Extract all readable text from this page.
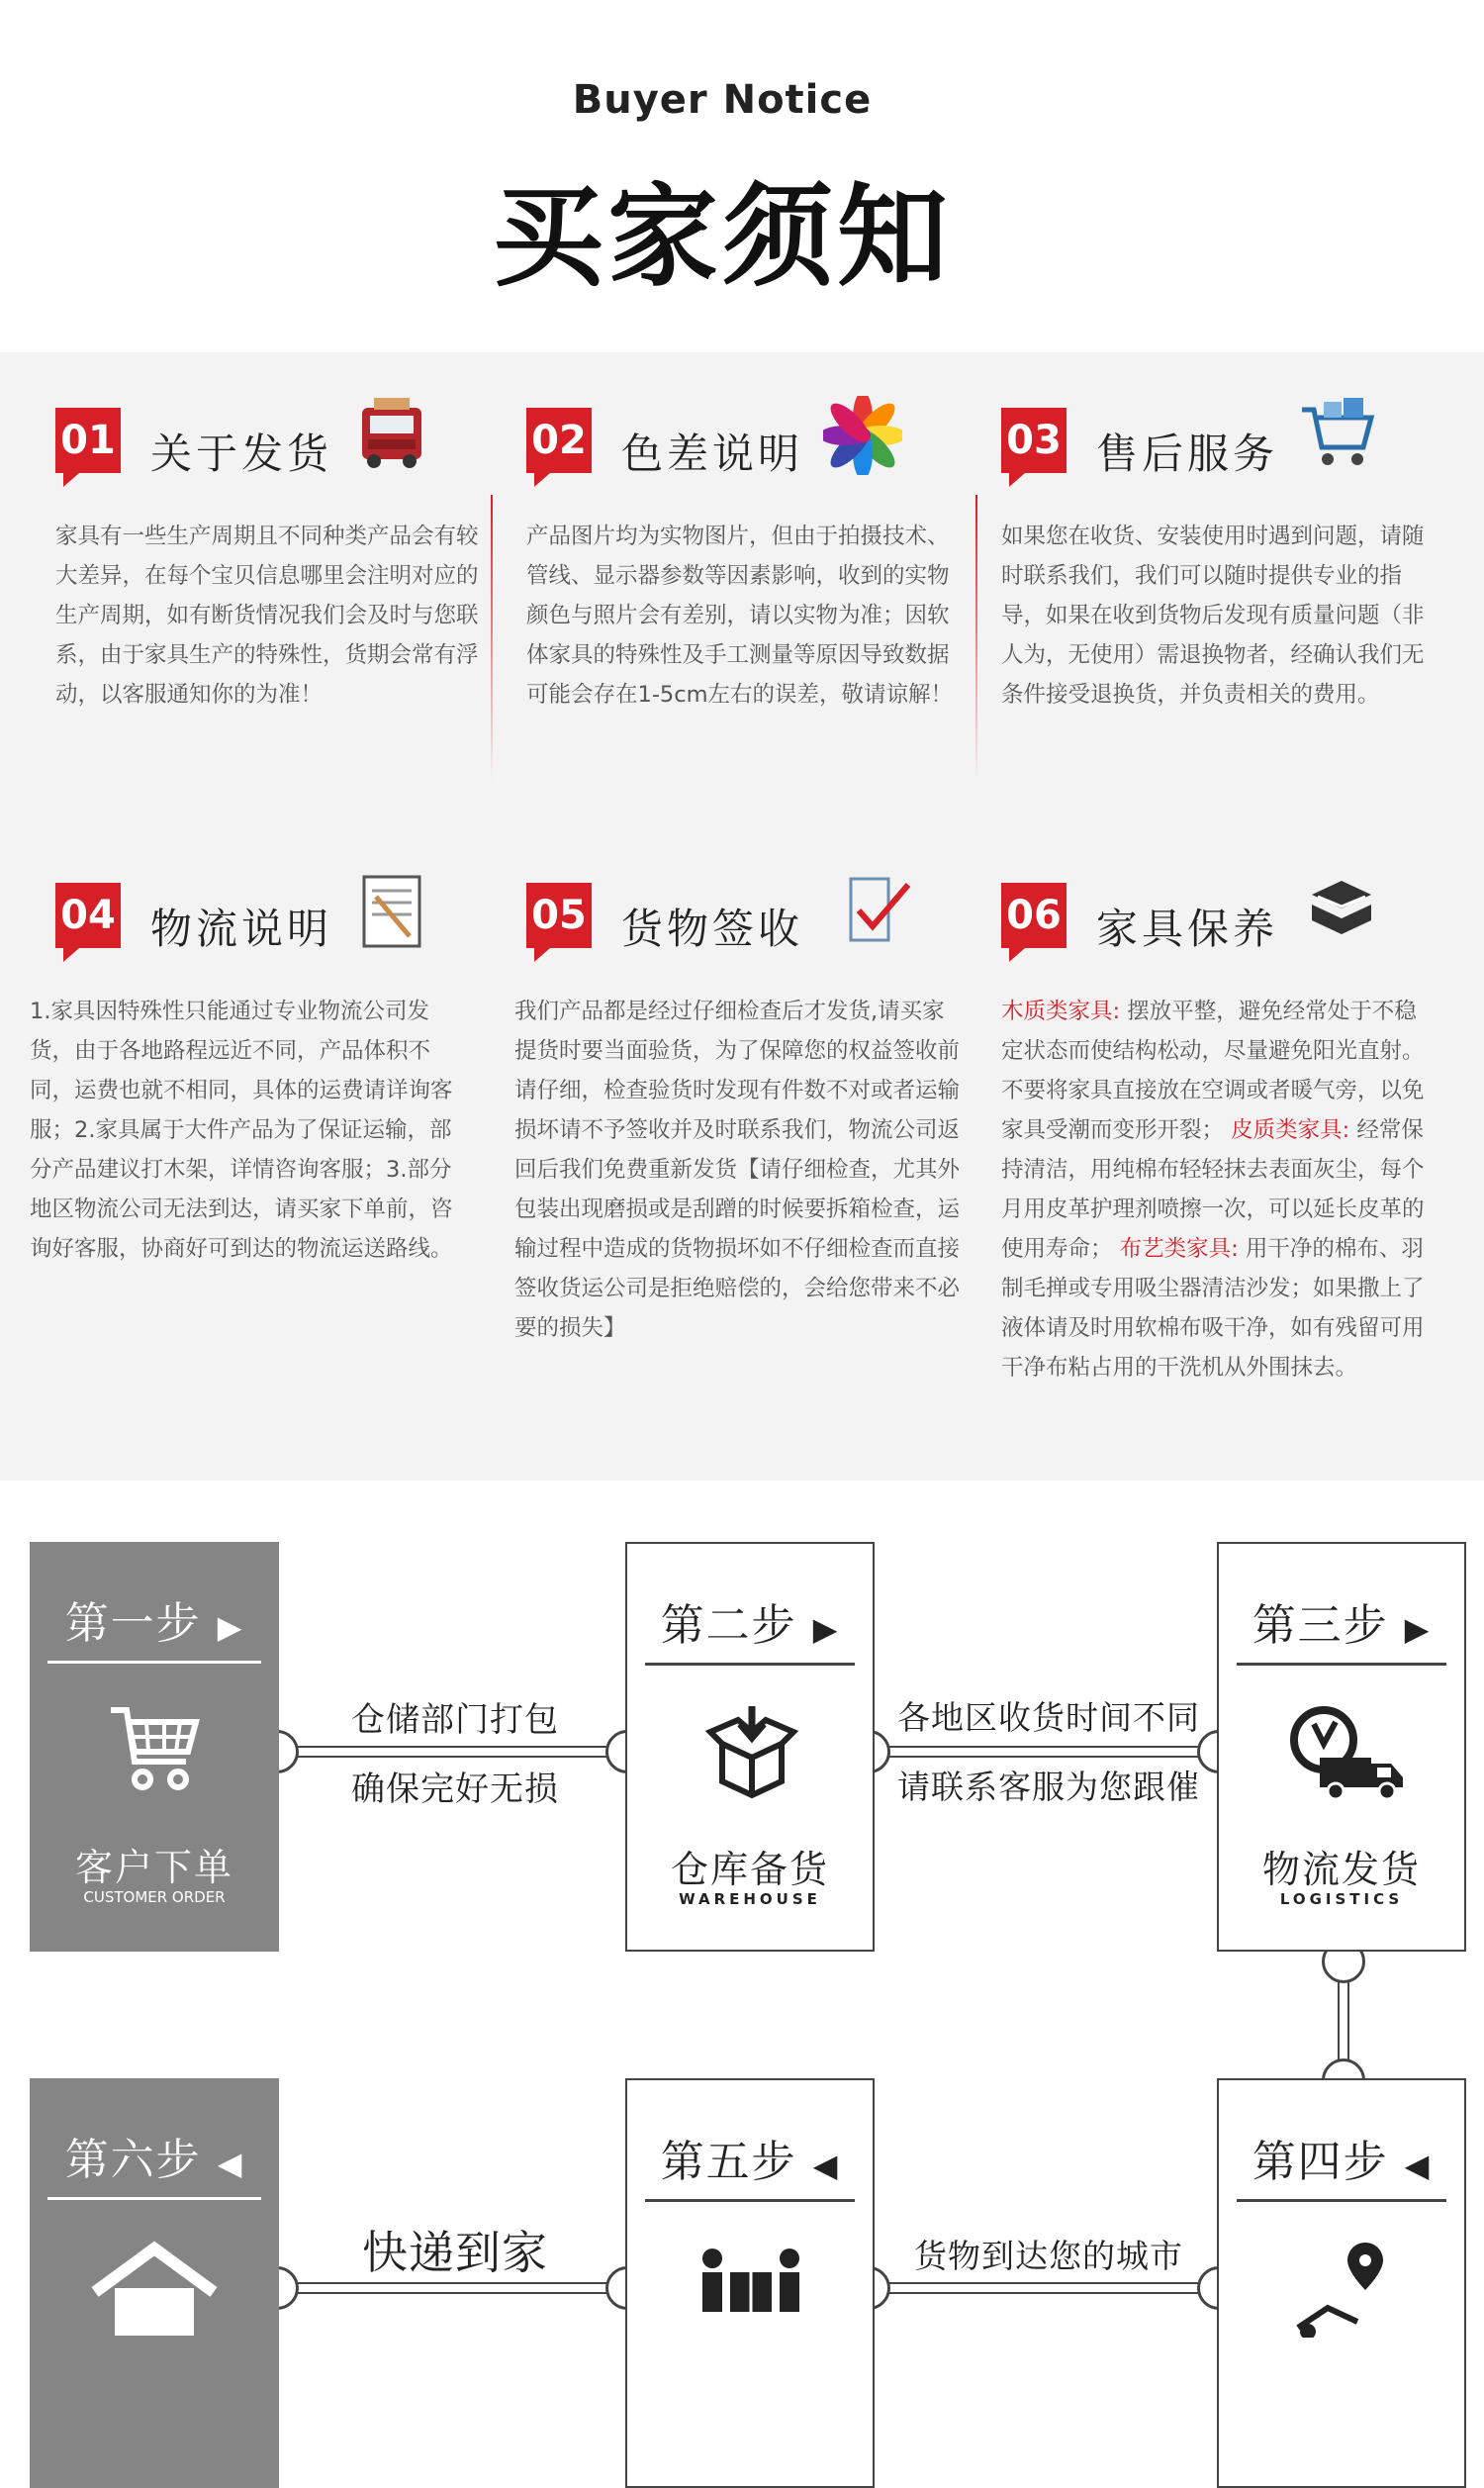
Buyer Notice
买家须知
01 关于发货
家具有一些生产周期且不同种类产品会有较大差异，在每个宝贝信息哪里会注明对应的生产周期，如有断货情况我们会及时与您联系，由于家具生产的特殊性，货期会常有浮动，以客服通知你的为准！
02 色差说明
产品图片均为实物图片，但由于拍摄技术、管线、显示器参数等因素影响，收到的实物颜色与照片会有差别，请以实物为准；因软体家具的特殊性及手工测量等原因导致数据可能会存在1-5cm左右的误差，敬请谅解！
03 售后服务
如果您在收货、安装使用时遇到问题，请随时联系我们，我们可以随时提供专业的指导，如果在收到货物后发现有质量问题（非人为，无使用）需退换物者，经确认我们无条件接受退换货，并负责相关的费用。
04 物流说明
1.家具因特殊性只能通过专业物流公司发货，由于各地路程远近不同，产品体积不同，运费也就不相同，具体的运费请详询客服；2.家具属于大件产品为了保证运输，部分产品建议打木架，详情咨询客服；3.部分地区物流公司无法到达，请买家下单前，咨询好客服，协商好可到达的物流运送路线。
05 货物签收
我们产品都是经过仔细检查后才发货,请买家提货时要当面验货，为了保障您的权益签收前请仔细，检查验货时发现有件数不对或者运输损坏请不予签收并及时联系我们，物流公司返回后我们免费重新发货【请仔细检查，尤其外包装出现磨损或是刮蹭的时候要拆箱检查，运输过程中造成的货物损坏如不仔细检查而直接签收货运公司是拒绝赔偿的，会给您带来不必要的损失】
06 家具保养
木质类家具: 摆放平整，避免经常处于不稳定状态而使结构松动，尽量避免阳光直射。不要将家具直接放在空调或者暖气旁，以免家具受潮而变形开裂； 皮质类家具: 经常保持清洁，用纯棉布轻轻抹去表面灰尘，每个月用皮革护理剂喷擦一次，可以延长皮革的使用寿命； 布艺类家具: 用干净的棉布、羽制毛掸或专用吸尘器清洁沙发；如果撒上了液体请及时用软棉布吸干净，如有残留可用干净布粘占用的干洗机从外围抹去。
仓储部门打包
确保完好无损
各地区收货时间不同
请联系客服为您跟催
快递到家	货物到达您的城市
第一步 ▶
客户下单
CUSTOMER ORDER
第二步 ▶
仓库备货
WAREHOUSE
第三步 ▶
物流发货
LOGISTICS
第六步 ◀	第五步 ◀	第四步 ◀
